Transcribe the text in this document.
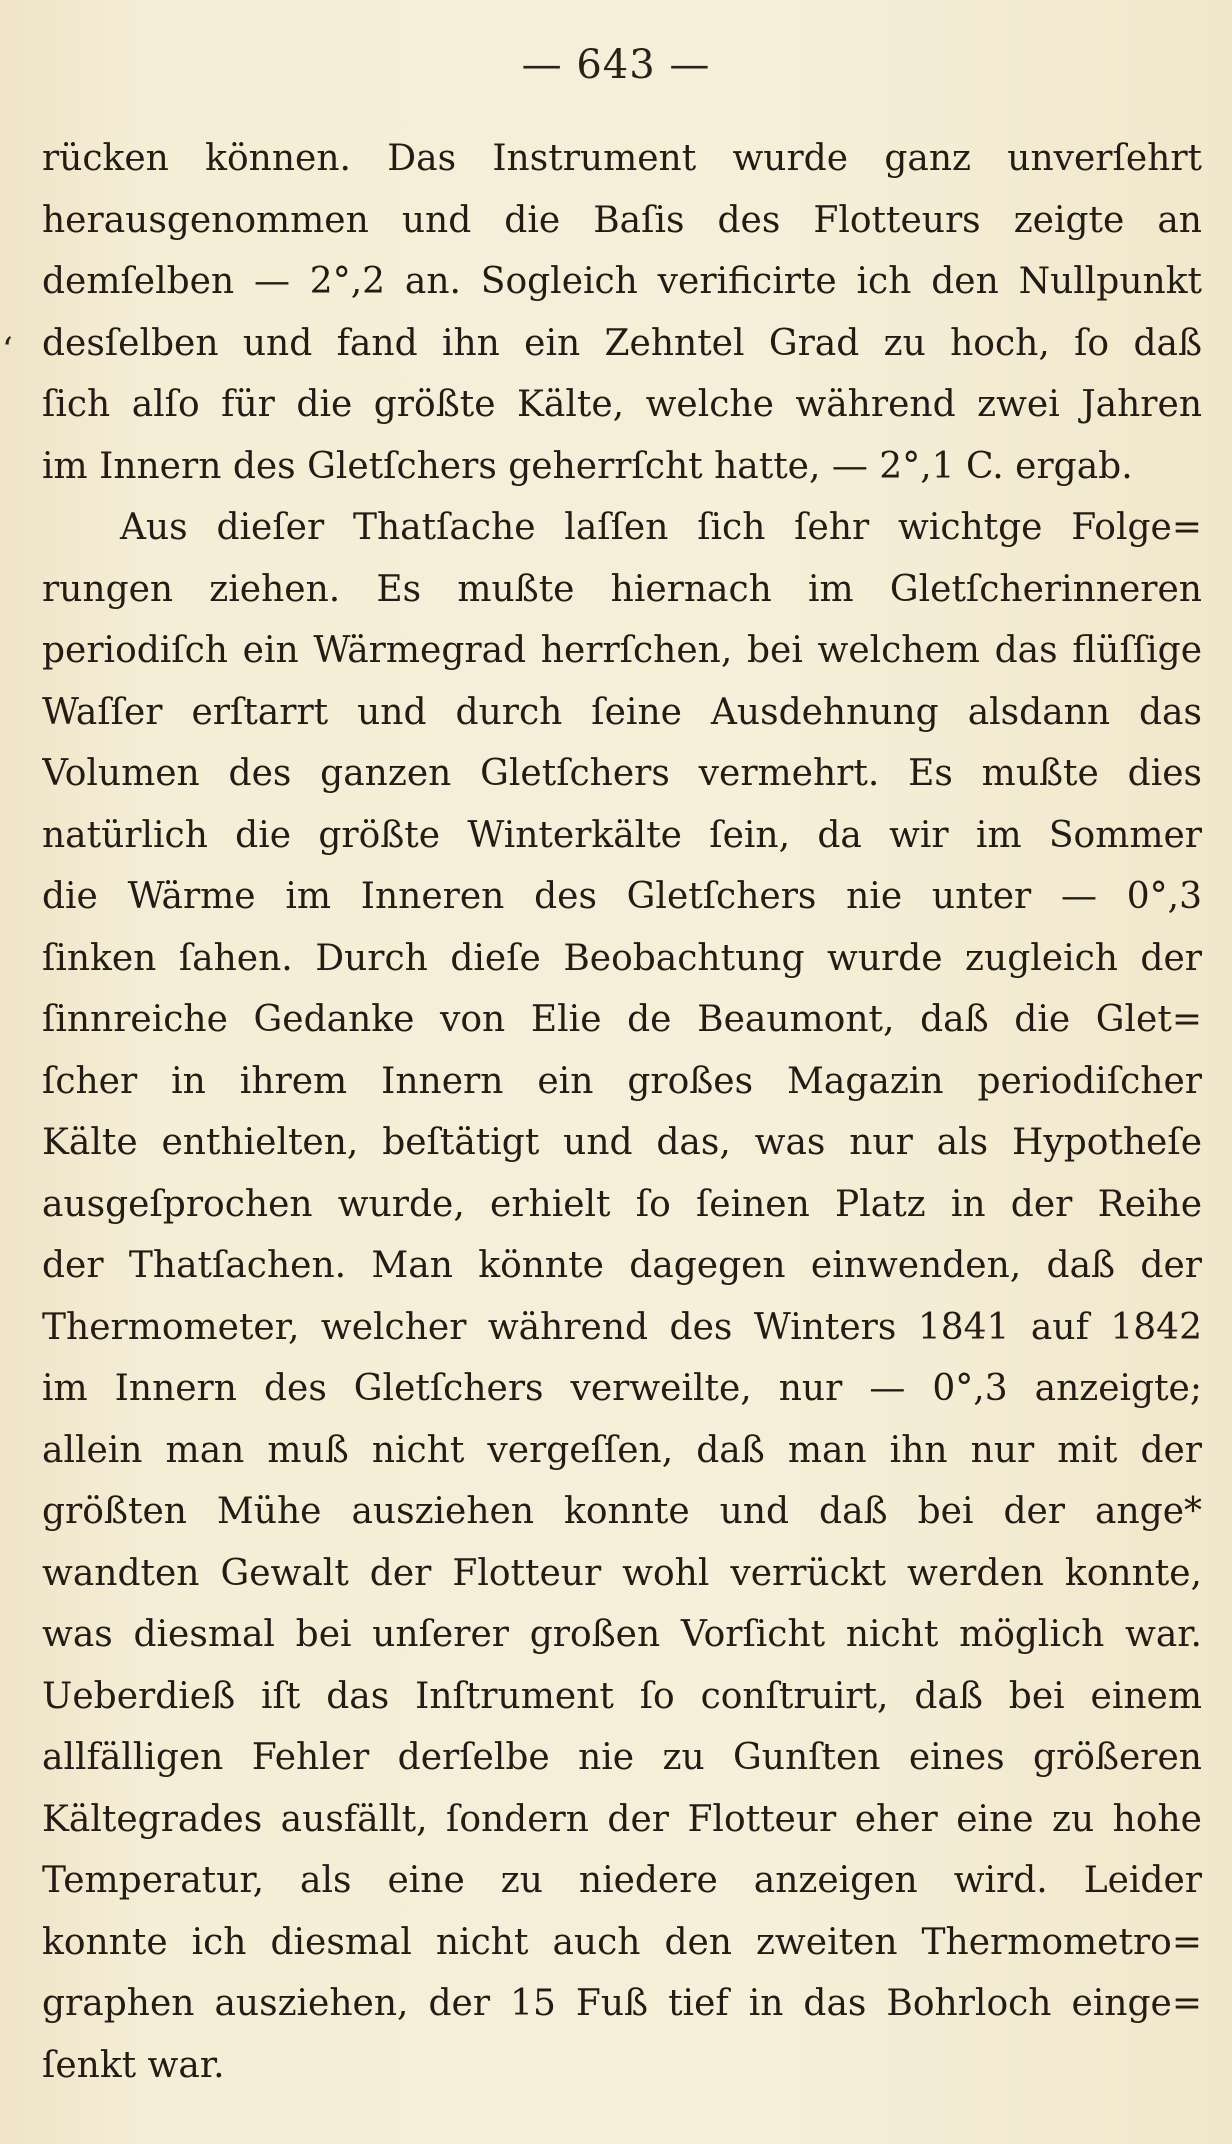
— 643 —
‘
rücken können. Das Instrument wurde ganz unverſehrt
herausgenommen und die Baſis des Flotteurs zeigte an
demſelben — 2°,2 an. Sogleich verificirte ich den Nullpunkt
desſelben und fand ihn ein Zehntel Grad zu hoch, ſo daß
ſich alſo für die größte Kälte, welche während zwei Jahren
im Innern des Gletſchers geherrſcht hatte, — 2°,1 C. ergab.
Aus dieſer Thatſache laſſen ſich ſehr wichtge Folge=
rungen ziehen. Es mußte hiernach im Gletſcherinneren
periodiſch ein Wärmegrad herrſchen, bei welchem das flüſſige
Waſſer erſtarrt und durch ſeine Ausdehnung alsdann das
Volumen des ganzen Gletſchers vermehrt. Es mußte dies
natürlich die größte Winterkälte ſein, da wir im Sommer
die Wärme im Inneren des Gletſchers nie unter — 0°,3
ſinken ſahen. Durch dieſe Beobachtung wurde zugleich der
ſinnreiche Gedanke von Elie de Beaumont, daß die Glet=
ſcher in ihrem Innern ein großes Magazin periodiſcher
Kälte enthielten, beſtätigt und das, was nur als Hypotheſe
ausgeſprochen wurde, erhielt ſo ſeinen Platz in der Reihe
der Thatſachen. Man könnte dagegen einwenden, daß der
Thermometer, welcher während des Winters 1841 auf 1842
im Innern des Gletſchers verweilte, nur — 0°,3 anzeigte;
allein man muß nicht vergeſſen, daß man ihn nur mit der
größten Mühe ausziehen konnte und daß bei der ange*
wandten Gewalt der Flotteur wohl verrückt werden konnte,
was diesmal bei unſerer großen Vorſicht nicht möglich war.
Ueberdieß iſt das Inſtrument ſo conſtruirt, daß bei einem
allfälligen Fehler derſelbe nie zu Gunſten eines größeren
Kältegrades ausfällt, ſondern der Flotteur eher eine zu hohe
Temperatur, als eine zu niedere anzeigen wird. Leider
konnte ich diesmal nicht auch den zweiten Thermometro=
graphen ausziehen, der 15 Fuß tief in das Bohrloch einge=
ſenkt war.
